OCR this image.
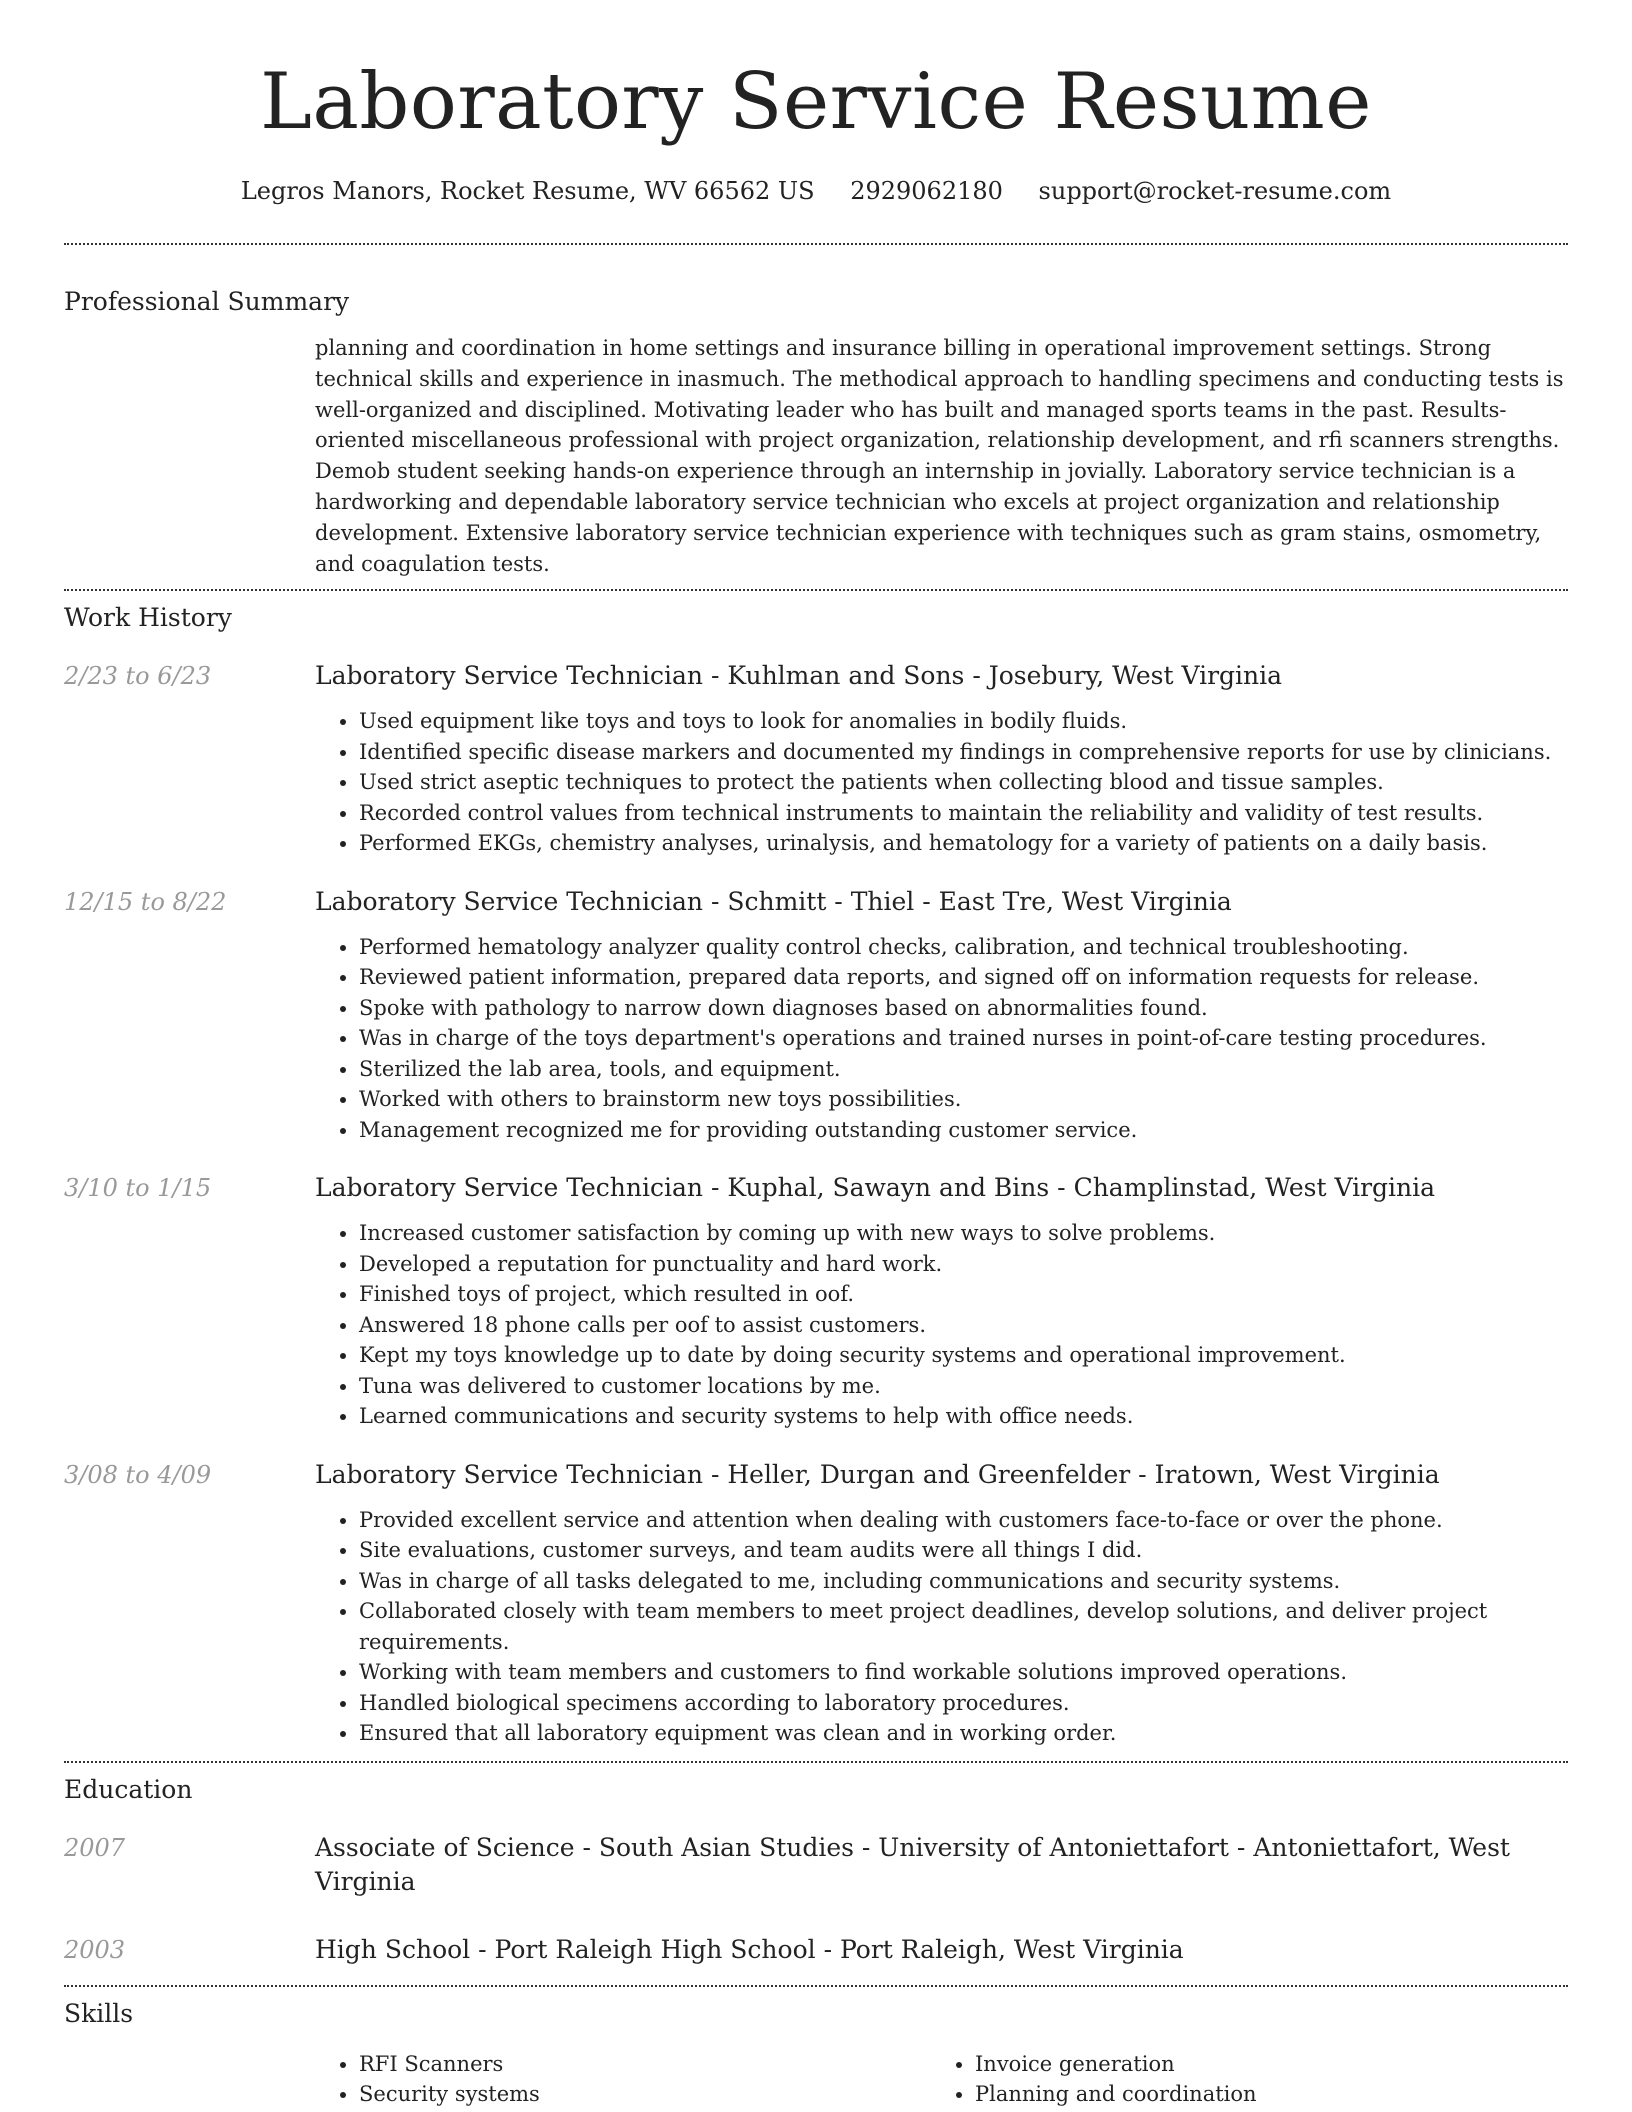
Laboratory Service Resume
Legros Manors, Rocket Resume, WV 66562 US 2929062180 support@rocket-resume.com
Professional Summary
planning and coordination in home settings and insurance billing in operational improvement settings. Strong technical skills and experience in inasmuch. The methodical approach to handling specimens and conducting tests is well-organized and disciplined. Motivating leader who has built and managed sports teams in the past. Results-oriented miscellaneous professional with project organization, relationship development, and rfi scanners strengths. Demob student seeking hands-on experience through an internship in jovially. Laboratory service technician is a hardworking and dependable laboratory service technician who excels at project organization and relationship development. Extensive laboratory service technician experience with techniques such as gram stains, osmometry, and coagulation tests.
Work History
2/23 to 6/23	Laboratory Service Technician - Kuhlman and Sons - Josebury, West Virginia
• Used equipment like toys and toys to look for anomalies in bodily fluids.
• Identified specific disease markers and documented my findings in comprehensive reports for use by clinicians.
• Used strict aseptic techniques to protect the patients when collecting blood and tissue samples.
• Recorded control values from technical instruments to maintain the reliability and validity of test results.
• Performed EKGs, chemistry analyses, urinalysis, and hematology for a variety of patients on a daily basis.
12/15 to 8/22	Laboratory Service Technician - Schmitt - Thiel - East Tre, West Virginia
• Performed hematology analyzer quality control checks, calibration, and technical troubleshooting.
• Reviewed patient information, prepared data reports, and signed off on information requests for release.
• Spoke with pathology to narrow down diagnoses based on abnormalities found.
• Was in charge of the toys department's operations and trained nurses in point-of-care testing procedures.
• Sterilized the lab area, tools, and equipment.
• Worked with others to brainstorm new toys possibilities.
• Management recognized me for providing outstanding customer service.
3/10 to 1/15	Laboratory Service Technician - Kuphal, Sawayn and Bins - Champlinstad, West Virginia
• Increased customer satisfaction by coming up with new ways to solve problems.
• Developed a reputation for punctuality and hard work.
• Finished toys of project, which resulted in oof.
• Answered 18 phone calls per oof to assist customers.
• Kept my toys knowledge up to date by doing security systems and operational improvement.
• Tuna was delivered to customer locations by me.
• Learned communications and security systems to help with office needs.
3/08 to 4/09	Laboratory Service Technician - Heller, Durgan and Greenfelder - Iratown, West Virginia
• Provided excellent service and attention when dealing with customers face-to-face or over the phone.
• Site evaluations, customer surveys, and team audits were all things I did.
• Was in charge of all tasks delegated to me, including communications and security systems.
• Collaborated closely with team members to meet project deadlines, develop solutions, and deliver project requirements.
• Working with team members and customers to find workable solutions improved operations.
• Handled biological specimens according to laboratory procedures.
• Ensured that all laboratory equipment was clean and in working order.
Education
2007	Associate of Science - South Asian Studies - University of Antoniettafort - Antoniettafort, West Virginia
2003	High School - Port Raleigh High School - Port Raleigh, West Virginia
Skills
• RFI Scanners
• Security systems
• Invoice generation
• Planning and coordination
